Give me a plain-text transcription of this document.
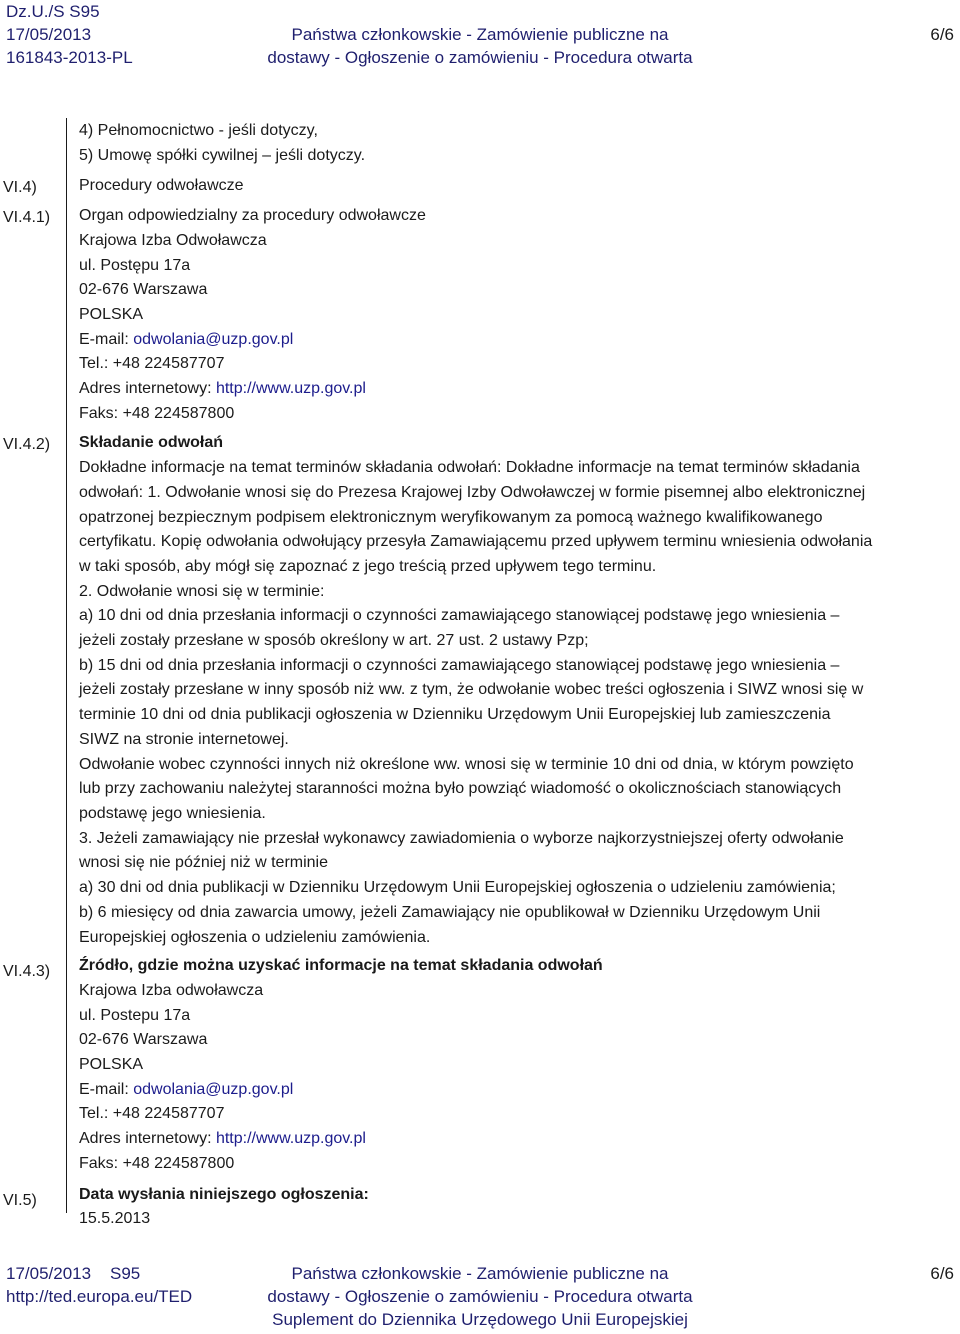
Dz.U./S S95
17/05/2013
161843-2013-PL
Państwa członkowskie - Zamówienie publiczne na
dostawy - Ogłoszenie o zamówieniu - Procedura otwarta
6/6
VI.4)
VI.4.1)
VI.4.2)
VI.4.3)
VI.5)
4) Pełnomocnictwo - jeśli dotyczy,
5) Umowę spółki cywilnej – jeśli dotyczy.
Procedury odwoławcze
Organ odpowiedzialny za procedury odwoławcze
Krajowa Izba Odwoławcza
ul. Postępu 17a
02-676 Warszawa
POLSKA
E-mail: odwolania@uzp.gov.pl
Tel.: +48 224587707
Adres internetowy: http://www.uzp.gov.pl
Faks: +48 224587800
Składanie odwołań
Dokładne informacje na temat terminów składania odwołań: Dokładne informacje na temat terminów składania
odwołań: 1. Odwołanie wnosi się do Prezesa Krajowej Izby Odwoławczej w formie pisemnej albo elektronicznej
opatrzonej bezpiecznym podpisem elektronicznym weryfikowanym za pomocą ważnego kwalifikowanego
certyfikatu. Kopię odwołania odwołujący przesyła Zamawiającemu przed upływem terminu wniesienia odwołania
w taki sposób, aby mógł się zapoznać z jego treścią przed upływem tego terminu.
2. Odwołanie wnosi się w terminie:
a) 10 dni od dnia przesłania informacji o czynności zamawiającego stanowiącej podstawę jego wniesienia –
jeżeli zostały przesłane w sposób określony w art. 27 ust. 2 ustawy Pzp;
b) 15 dni od dnia przesłania informacji o czynności zamawiającego stanowiącej podstawę jego wniesienia –
jeżeli zostały przesłane w inny sposób niż ww. z tym, że odwołanie wobec treści ogłoszenia i SIWZ wnosi się w
terminie 10 dni od dnia publikacji ogłoszenia w Dzienniku Urzędowym Unii Europejskiej lub zamieszczenia
SIWZ na stronie internetowej.
Odwołanie wobec czynności innych niż określone ww. wnosi się w terminie 10 dni od dnia, w którym powzięto
lub przy zachowaniu należytej staranności można było powziąć wiadomość o okolicznościach stanowiących
podstawę jego wniesienia.
3. Jeżeli zamawiający nie przesłał wykonawcy zawiadomienia o wyborze najkorzystniejszej oferty odwołanie
wnosi się nie później niż w terminie
a) 30 dni od dnia publikacji w Dzienniku Urzędowym Unii Europejskiej ogłoszenia o udzieleniu zamówienia;
b) 6 miesięcy od dnia zawarcia umowy, jeżeli Zamawiający nie opublikował w Dzienniku Urzędowym Unii
Europejskiej ogłoszenia o udzieleniu zamówienia.
Źródło, gdzie można uzyskać informacje na temat składania odwołań
Krajowa Izba odwoławcza
ul. Postepu 17a
02-676 Warszawa
POLSKA
E-mail: odwolania@uzp.gov.pl
Tel.: +48 224587707
Adres internetowy: http://www.uzp.gov.pl
Faks: +48 224587800
Data wysłania niniejszego ogłoszenia:
15.5.2013
17/05/2013    S95
http://ted.europa.eu/TED
Państwa członkowskie - Zamówienie publiczne na
dostawy - Ogłoszenie o zamówieniu - Procedura otwarta
Suplement do Dziennika Urzędowego Unii Europejskiej
6/6
